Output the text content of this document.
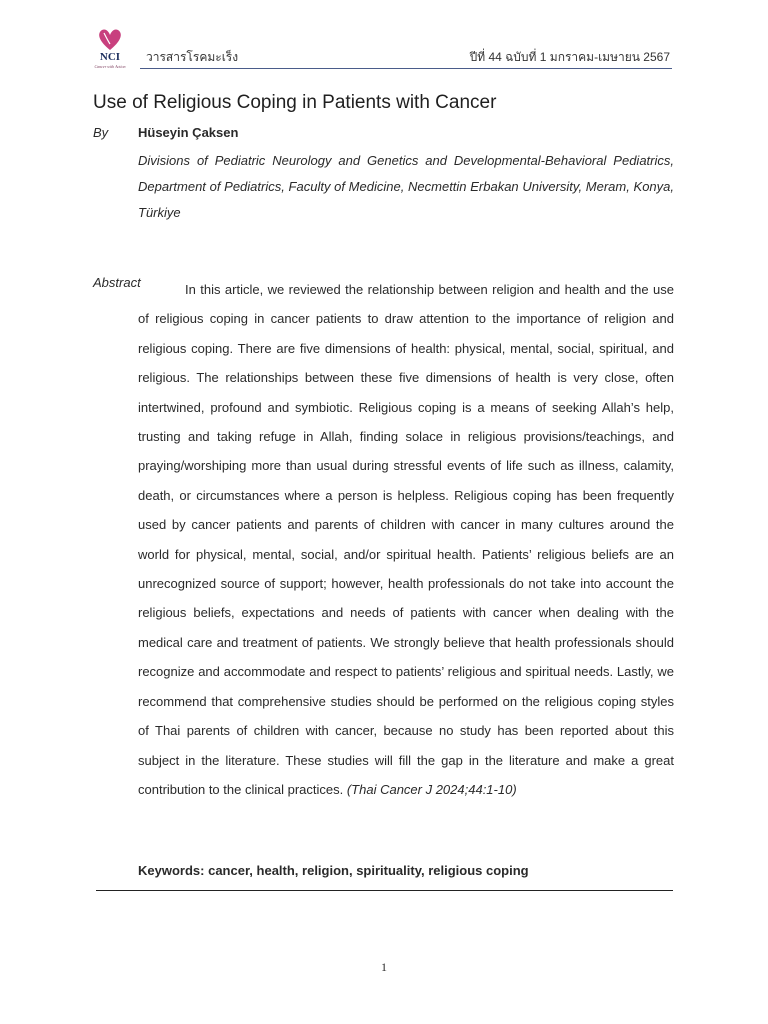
NCI
Cancer with Action
วารสารโรคมะเร็ง	ปีที่ 44 ฉบับที่ 1 มกราคม-เมษายน 2567
Use of Religious Coping in Patients with Cancer
By Hüseyin Çaksen
Divisions of Pediatric Neurology and Genetics and Developmental-Behavioral Pediatrics, Department of Pediatrics, Faculty of Medicine, Necmettin Erbakan University, Meram, Konya, Türkiye
Abstract	In this article, we reviewed the relationship between religion and health and the use of religious coping in cancer patients to draw attention to the importance of religion and religious coping. There are five dimensions of health: physical, mental, social, spiritual, and religious. The relationships between these five dimensions of health is very close, often intertwined, profound and symbiotic. Religious coping is a means of seeking Allah’s help, trusting and taking refuge in Allah, finding solace in religious provisions/teachings, and praying/worshiping more than usual during stressful events of life such as illness, calamity, death, or circumstances where a person is helpless. Religious coping has been frequently used by cancer patients and parents of children with cancer in many cultures around the world for physical, mental, social, and/or spiritual health. Patients’ religious beliefs are an unrecognized source of support; however, health professionals do not take into account the religious beliefs, expectations and needs of patients with cancer when dealing with the medical care and treatment of patients. We strongly believe that health professionals should recognize and accommodate and respect to patients’ religious and spiritual needs. Lastly, we recommend that comprehensive studies should be performed on the religious coping styles of Thai parents of children with cancer, because no study has been reported about this subject in the literature. These studies will fill the gap in the literature and make a great contribution to the clinical practices. (Thai Cancer J 2024;44:1-10)
Keywords: cancer, health, religion, spirituality, religious coping
1
